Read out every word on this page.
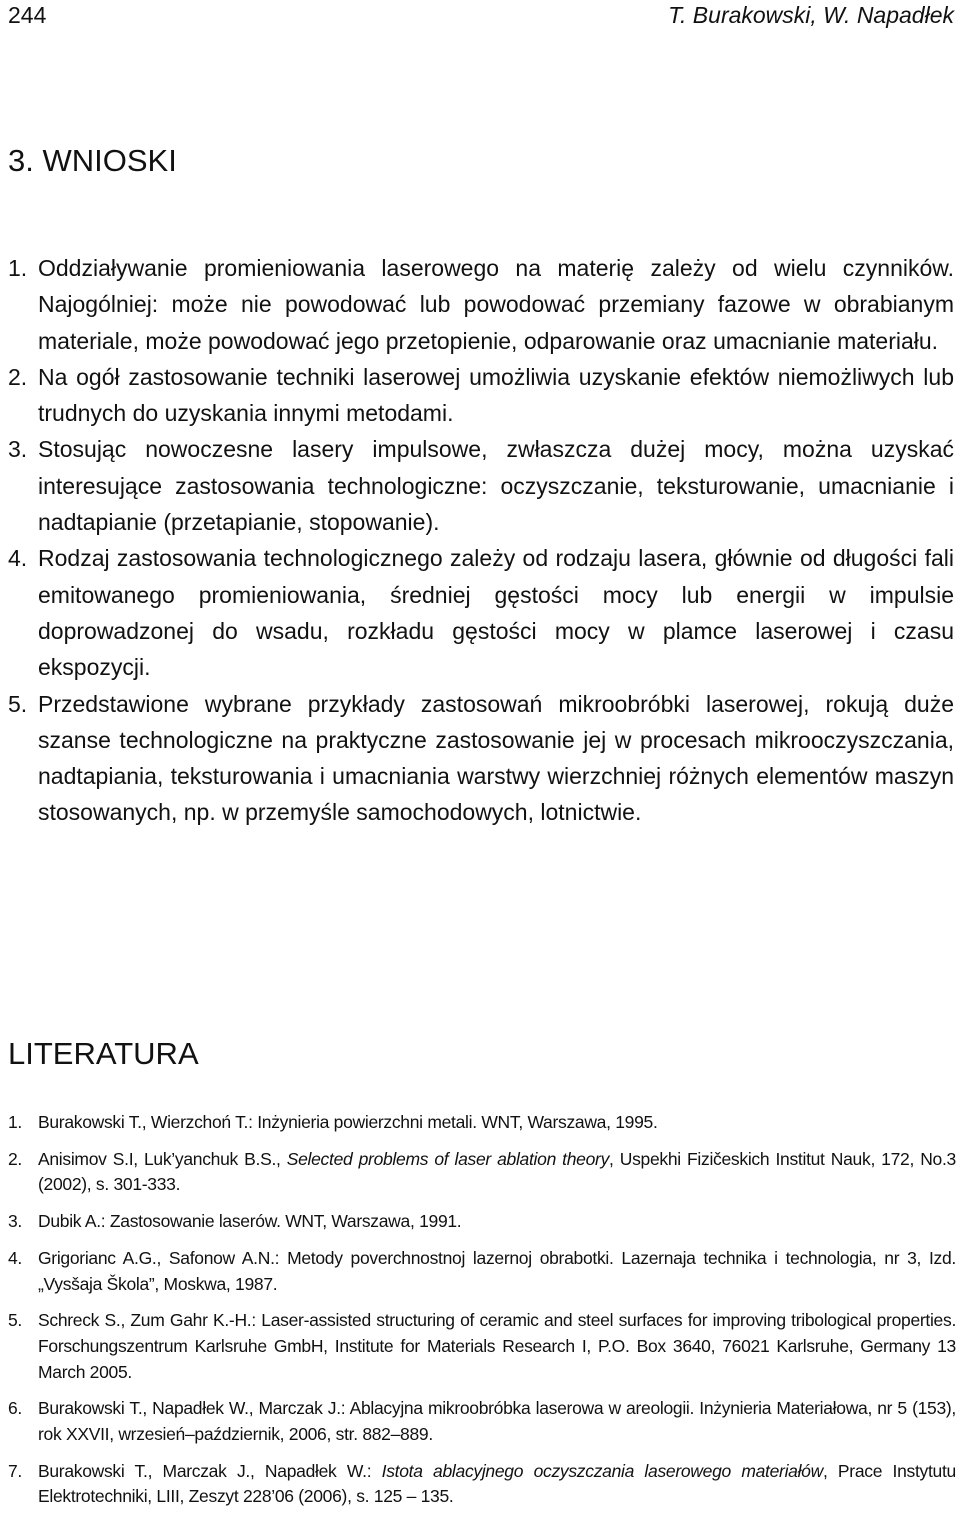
244	T. Burakowski, W. Napadłek
3. WNIOSKI
1. Oddziaływanie promieniowania laserowego na materię zależy od wielu czynników. Najogólniej: może nie powodować lub powodować przemiany fazowe w obrabianym materiale, może powodować jego przetopienie, odparowanie oraz umacnianie materiału.
2. Na ogół zastosowanie techniki laserowej umożliwia uzyskanie efektów niemożliwych lub trudnych do uzyskania innymi metodami.
3. Stosując nowoczesne lasery impulsowe, zwłaszcza dużej mocy, można uzyskać interesujące zastosowania technologiczne: oczyszczanie, teksturowanie, umacnianie i nadtapianie (przetapianie, stopowanie).
4. Rodzaj zastosowania technologicznego zależy od rodzaju lasera, głównie od długości fali emitowanego promieniowania, średniej gęstości mocy lub energii w impulsie doprowadzonej do wsadu, rozkładu gęstości mocy w plamce laserowej i czasu ekspozycji.
5. Przedstawione wybrane przykłady zastosowań mikroobróbki laserowej, rokują duże szanse technologiczne na praktyczne zastosowanie jej w procesach mikrooczyszczania, nadtapiania, teksturowania i umacniania warstwy wierzchniej różnych elementów maszyn stosowanych, np. w przemyśle samochodowych, lotnictwie.
LITERATURA
1. Burakowski T., Wierzchoń T.: Inżynieria powierzchni metali. WNT, Warszawa, 1995.
2. Anisimov S.I, Luk’yanchuk B.S., Selected problems of laser ablation theory, Uspekhi Fizičeskich Institut Nauk, 172, No.3 (2002), s. 301-333.
3. Dubik A.: Zastosowanie laserów. WNT, Warszawa, 1991.
4. Grigorianc A.G., Safonow A.N.: Metody poverchnostnoj lazernoj obrabotki. Lazernaja technika i technologia, nr 3, Izd. „Vysšaja Škola”, Moskwa, 1987.
5. Schreck S., Zum Gahr K.-H.: Laser-assisted structuring of ceramic and steel surfaces for improving tribological properties. Forschungszentrum Karlsruhe GmbH, Institute for Materials Research I, P.O. Box 3640, 76021 Karlsruhe, Germany 13 March 2005.
6. Burakowski T., Napadłek W., Marczak J.: Ablacyjna mikroobróbka laserowa w areologii. Inżynieria Materiałowa, nr 5 (153), rok XXVII, wrzesień–październik, 2006, str. 882–889.
7. Burakowski T., Marczak J., Napadłek W.: Istota ablacyjnego oczyszczania laserowego materiałów, Prace Instytutu Elektrotechniki, LIII, Zeszyt 228’06 (2006), s. 125 – 135.
